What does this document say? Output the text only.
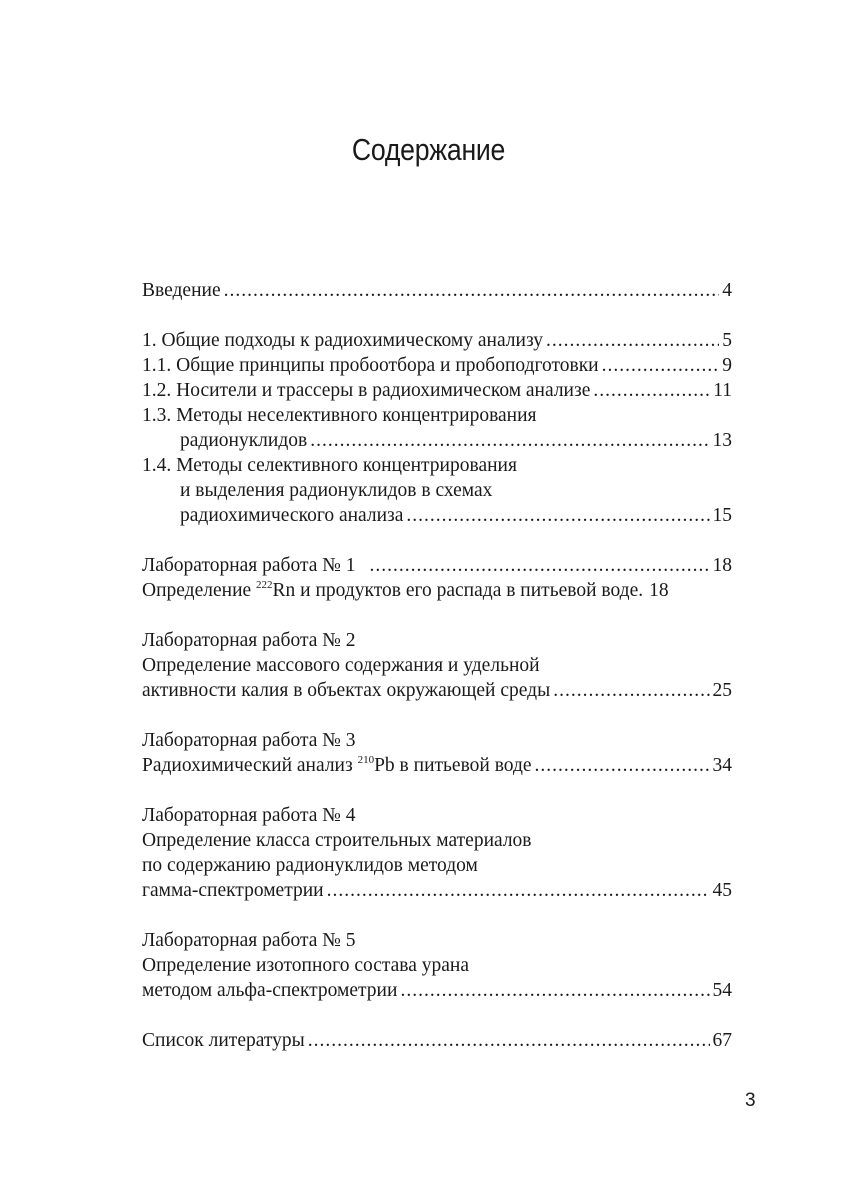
Содержание
Введение .....	4
1. Общие подходы к радиохимическому анализу .....	5
1.1. Общие принципы пробоотбора и пробоподготовки .....	9
1.2. Носители и трассеры в радиохимическом анализе .....	11
1.3. Методы неселективного концентрирования
радионуклидов .....	13
1.4. Методы селективного концентрирования
и выделения радионуклидов в схемах
радиохимического анализа .....	15
Лабораторная работа № 1 .....	18
Определение $^{222}$Rn и продуктов его распада в питьевой воде. 18
Лабораторная работа № 2
Определение массового содержания и удельной
активности калия в объектах окружающей среды .....	25
Лабораторная работа № 3
Радиохимический анализ $^{210}$Pb в питьевой воде .....	34
Лабораторная работа № 4
Определение класса строительных материалов
по содержанию радионуклидов методом
гамма-спектрометрии .....	45
Лабораторная работа № 5
Определение изотопного состава урана
методом альфа-спектрометрии .....	54
Список литературы .....	67
3
